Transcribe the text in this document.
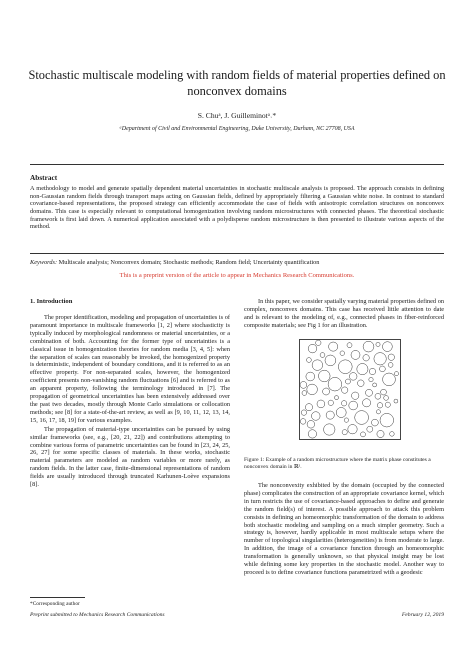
Stochastic multiscale modeling with random fields of material properties defined on nonconvex domains
S. Chuᵃ, J. Guilleminotᵃ˒*
ᵃDepartment of Civil and Environmental Engineering, Duke University, Durham, NC 27708, USA
Abstract
A methodology to model and generate spatially dependent material uncertainties in stochastic multiscale analysis is proposed. The approach consists in defining non-Gaussian random fields through transport maps acting on Gaussian fields, defined by appropriately filtering a Gaussian white noise. In contrast to standard covariance-based representations, the proposed strategy can efficiently accommodate the case of fields with anisotropic correlation structures on nonconvex domains. This case is especially relevant to computational homogenization involving random microstructures with connected phases. The theoretical stochastic framework is first laid down. A numerical application associated with a polydisperse random microstructure is then presented to illustrate various aspects of the method.
Keywords: Multiscale analysis; Nonconvex domain; Stochastic methods; Random field; Uncertainty quantification
This is a preprint version of the article to appear in Mechanics Research Communications.
1. Introduction

The proper identification, modeling and propagation of uncertainties is of paramount importance in multiscale frameworks [1, 2] where stochasticity is typically induced by morphological randomness or material uncertainties, or a combination of both. Accounting for the former type of uncertainties is a classical issue in homogenization theories for random media [3, 4, 5]: when the separation of scales can reasonably be invoked, the homogenized property is deterministic, independent of boundary conditions, and it is referred to as an effective property. For non-separated scales, however, the homogenized coefficient presents non-vanishing random fluctuations [6] and is referred to as an apparent property, following the terminology introduced in [7]. The propagation of geometrical uncertainties has been extensively addressed over the past two decades, mostly through Monte Carlo simulations or collocation methods; see [8] for a state-of-the-art review, as well as [9, 10, 11, 12, 13, 14, 15, 16, 17, 18, 19] for various examples.

The propagation of material-type uncertainties can be pursued by using similar frameworks (see, e.g., [20, 21, 22]) and contributions attempting to combine various forms of parametric uncertainties can be found in [23, 24, 25, 26, 27] for some specific classes of materials. In these works, stochastic material parameters are modeled as random variables or more rarely, as random fields. In the latter case, finite-dimensional representations of random fields are usually introduced through truncated Karhunen-Loève expansions [8].

In this paper, we consider spatially varying material properties defined on complex, nonconvex domains. This case has received little attention to date and is relevant to the modeling of, e.g., connected phases in fiber-reinforced composite materials; see Fig 1 for an illustration.

Figure 1: Example of a random microstructure where the matrix phase constitutes a nonconvex domain in ℝ².

The nonconvexity exhibited by the domain (occupied by the connected phase) complicates the construction of an appropriate covariance kernel, which in turn restricts the use of covariance-based approaches to define and generate the random field(s) of interest. A possible approach to attack this problem consists in defining an homeomorphic transformation of the domain to address both stochastic modeling and sampling on a much simpler geometry. Such a strategy is, however, hardly applicable in most multiscale setups where the number of topological singularities (heterogeneities) is from moderate to large. In addition, the image of a covariance function through an homeomorphic transformation is generally unknown, so that physical insight may be lost while defining some key properties in the stochastic model. Another way to proceed is to define covariance functions parametrized with a geodesic

*Corresponding author
Preprint submitted to Mechanics Research Communications	February 12, 2019
